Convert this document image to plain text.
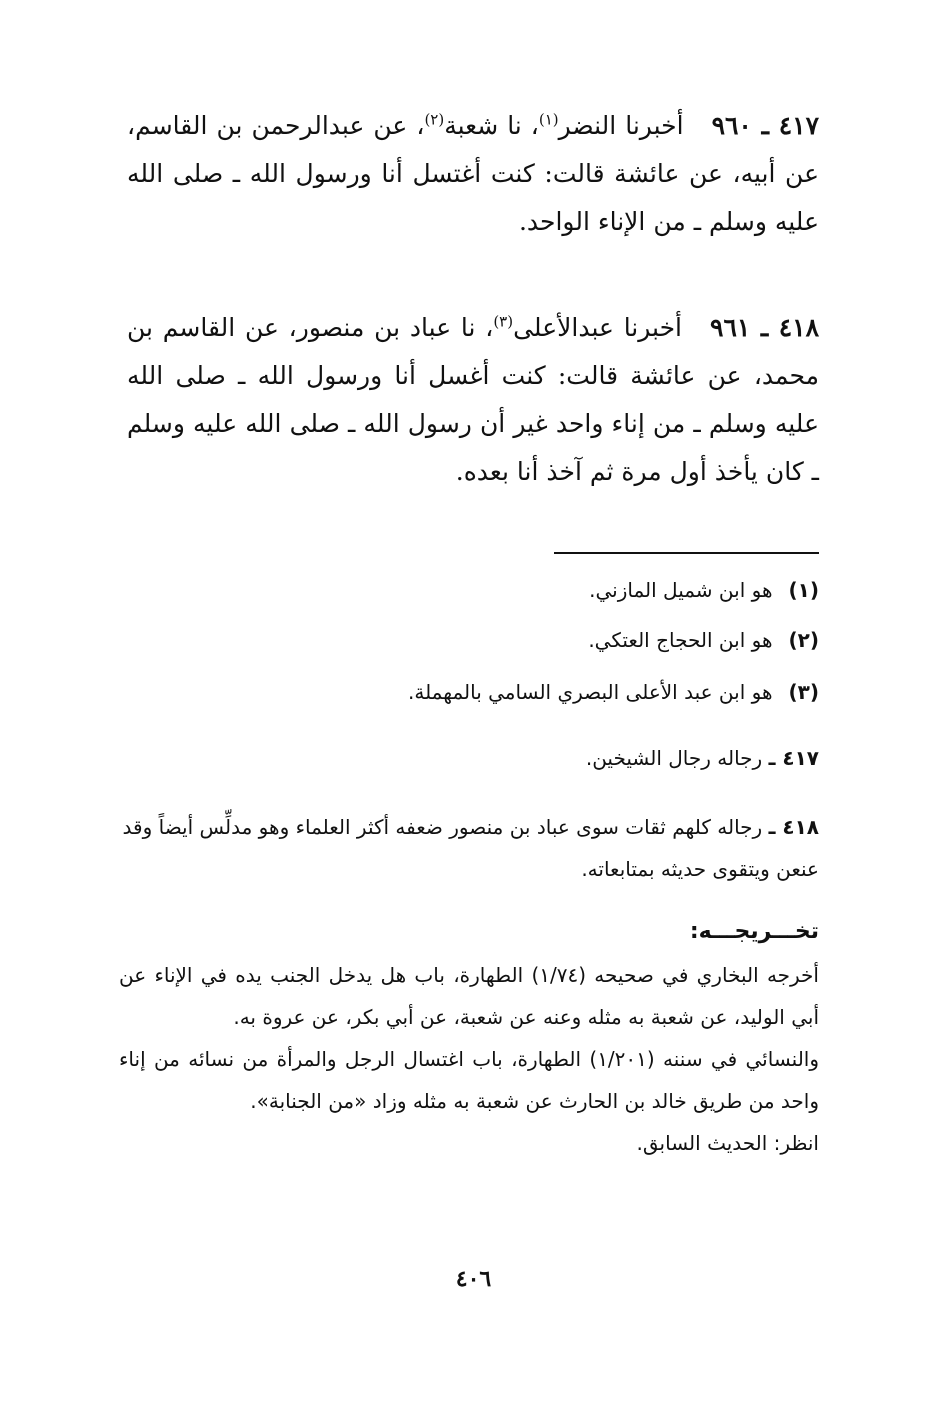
٤١٧ ـ ٩٦٠أخبرنا النضر$^{(١)}$، نا شعبة$^{(٢)}$، عن عبدالرحمن بن القاسم، عن أبيه، عن عائشة قالت: كنت أغتسل أنا ورسول الله ـ صلى الله عليه وسلم ـ من الإناء الواحد.
٤١٨ ـ ٩٦١أخبرنا عبدالأعلى$^{(٣)}$، نا عباد بن منصور، عن القاسم بن محمد، عن عائشة قالت: كنت أغسل أنا ورسول الله ـ صلى الله عليه وسلم ـ من إناء واحد غير أن رسول الله ـ صلى الله عليه وسلم ـ كان يأخذ أول مرة ثم آخذ أنا بعده.
(١)هو ابن شميل المازني.
(٢)هو ابن الحجاج العتكي.
(٣)هو ابن عبد الأعلى البصري السامي بالمهملة.
٤١٧ ـ رجاله رجال الشيخين.
٤١٨ ـ رجاله كلهم ثقات سوى عباد بن منصور ضعفه أكثر العلماء وهو مدلِّس أيضاً وقد عنعن ويتقوى حديثه بمتابعاته.
تخـــريجـــه:

أخرجه البخاري في صحيحه (١/٧٤) الطهارة، باب هل يدخل الجنب يده في الإناء عن أبي الوليد، عن شعبة به مثله وعنه عن شعبة، عن أبي بكر، عن عروة به.

والنسائي في سننه (١/٢٠١) الطهارة، باب اغتسال الرجل والمرأة من نسائه من إناء واحد من طريق خالد بن الحارث عن شعبة به مثله وزاد «من الجنابة».

انظر: الحديث السابق.

٤٠٦
